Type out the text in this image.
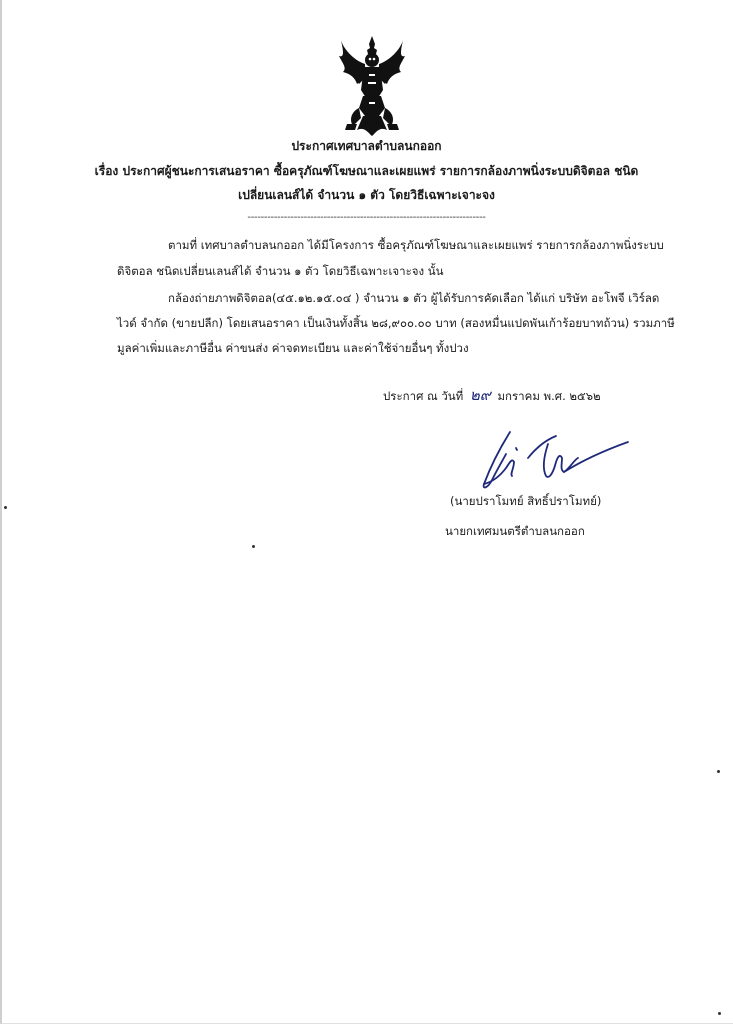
ประกาศเทศบาลตำบลนกออก
เรื่อง ประกาศผู้ชนะการเสนอราคา ซื้อครุภัณฑ์โฆษณาและเผยแพร่ รายการกล้องภาพนิ่งระบบดิจิตอล ชนิด
เปลี่ยนเลนส์ได้ จำนวน ๑ ตัว โดยวิธีเฉพาะเจาะจง
------------------------------------------------------------------------
ตามที่ เทศบาลตำบลนกออก ได้มีโครงการ ซื้อครุภัณฑ์โฆษณาและเผยแพร่ รายการกล้องภาพนิ่งระบบ
ดิจิตอล ชนิดเปลี่ยนเลนส์ได้ จำนวน ๑ ตัว โดยวิธีเฉพาะเจาะจง นั้น
กล้องถ่ายภาพดิจิตอล(๔๕.๑๒.๑๕.๐๔ ) จำนวน ๑ ตัว ผู้ได้รับการคัดเลือก ได้แก่ บริษัท อะโพจี เวิร์ลด
ไวด์ จำกัด (ขายปลีก) โดยเสนอราคา เป็นเงินทั้งสิ้น ๒๘,๙๐๐.๐๐ บาท (สองหมื่นแปดพันเก้าร้อยบาทถ้วน) รวมภาษี
มูลค่าเพิ่มและภาษีอื่น ค่าขนส่ง ค่าจดทะเบียน และค่าใช้จ่ายอื่นๆ ทั้งปวง
ประกาศ ณ วันที่ ๒๙ มกราคม พ.ศ. ๒๕๖๒
(นายปราโมทย์ สิทธิ์ปราโมทย์)
นายกเทศมนตรีตำบลนกออก
